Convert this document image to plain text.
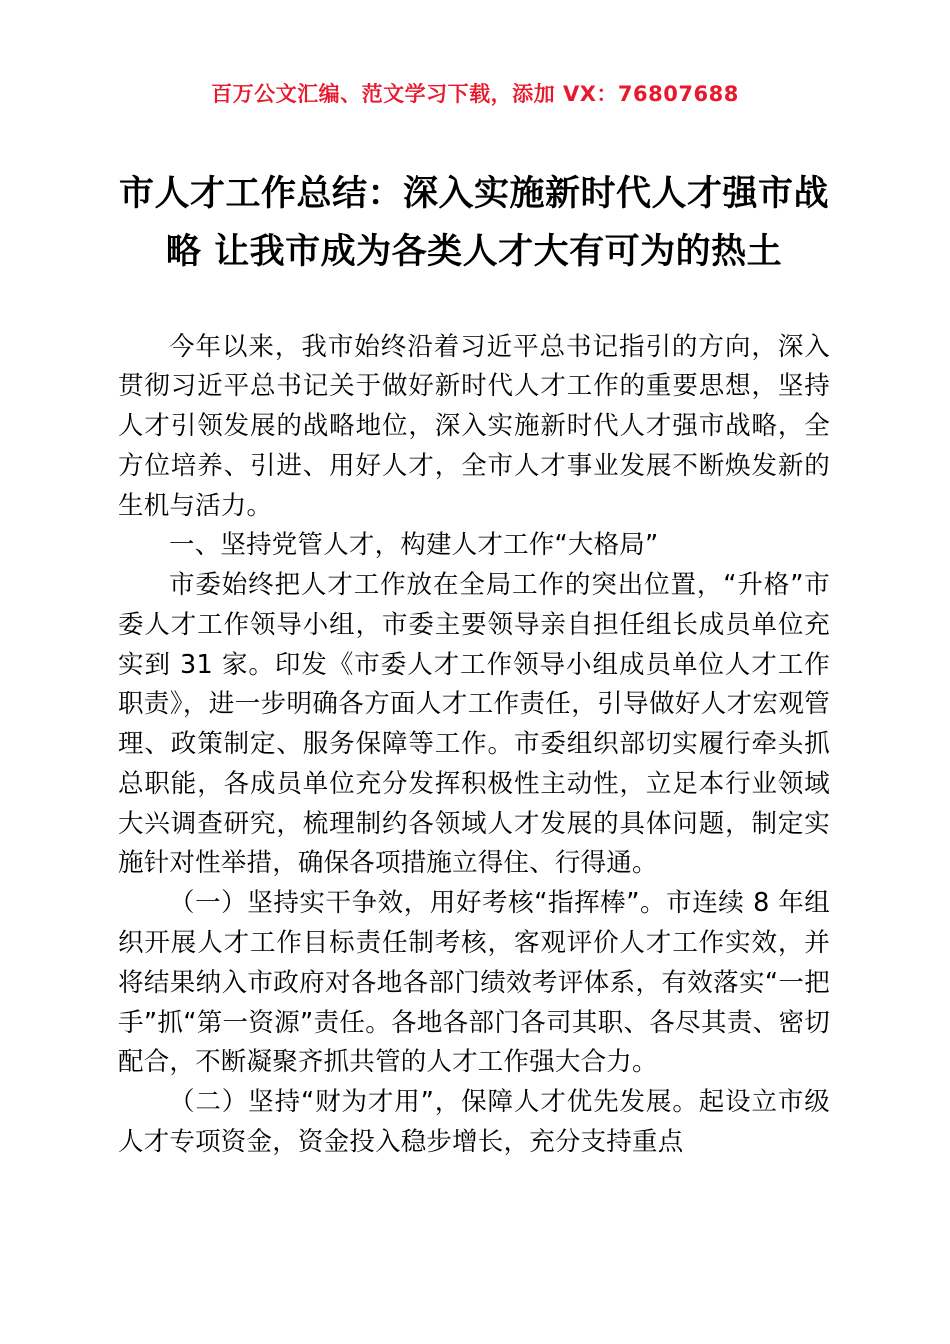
百万公文汇编、范文学习下载，添加 VX：76807688
市人才工作总结：深入实施新时代人才强市战略 让我市成为各类人才大有可为的热土

今年以来，我市始终沿着习近平总书记指引的方向，深入贯彻习近平总书记关于做好新时代人才工作的重要思想，坚持人才引领发展的战略地位，深入实施新时代人才强市战略，全方位培养、引进、用好人才，全市人才事业发展不断焕发新的生机与活力。

一、坚持党管人才，构建人才工作“大格局”

市委始终把人才工作放在全局工作的突出位置，“升格”市委人才工作领导小组，市委主要领导亲自担任组长成员单位充实到 31 家。印发《市委人才工作领导小组成员单位人才工作职责》，进一步明确各方面人才工作责任，引导做好人才宏观管理、政策制定、服务保障等工作。市委组织部切实履行牵头抓总职能，各成员单位充分发挥积极性主动性，立足本行业领域大兴调查研究，梳理制约各领域人才发展的具体问题，制定实施针对性举措，确保各项措施立得住、行得通。

（一）坚持实干争效，用好考核“指挥棒”。市连续 8 年组织开展人才工作目标责任制考核，客观评价人才工作实效，并将结果纳入市政府对各地各部门绩效考评体系，有效落实“一把手”抓“第一资源”责任。各地各部门各司其职、各尽其责、密切配合，不断凝聚齐抓共管的人才工作强大合力。

（二）坚持“财为才用”，保障人才优先发展。起设立市级人才专项资金，资金投入稳步增长，充分支持重点
